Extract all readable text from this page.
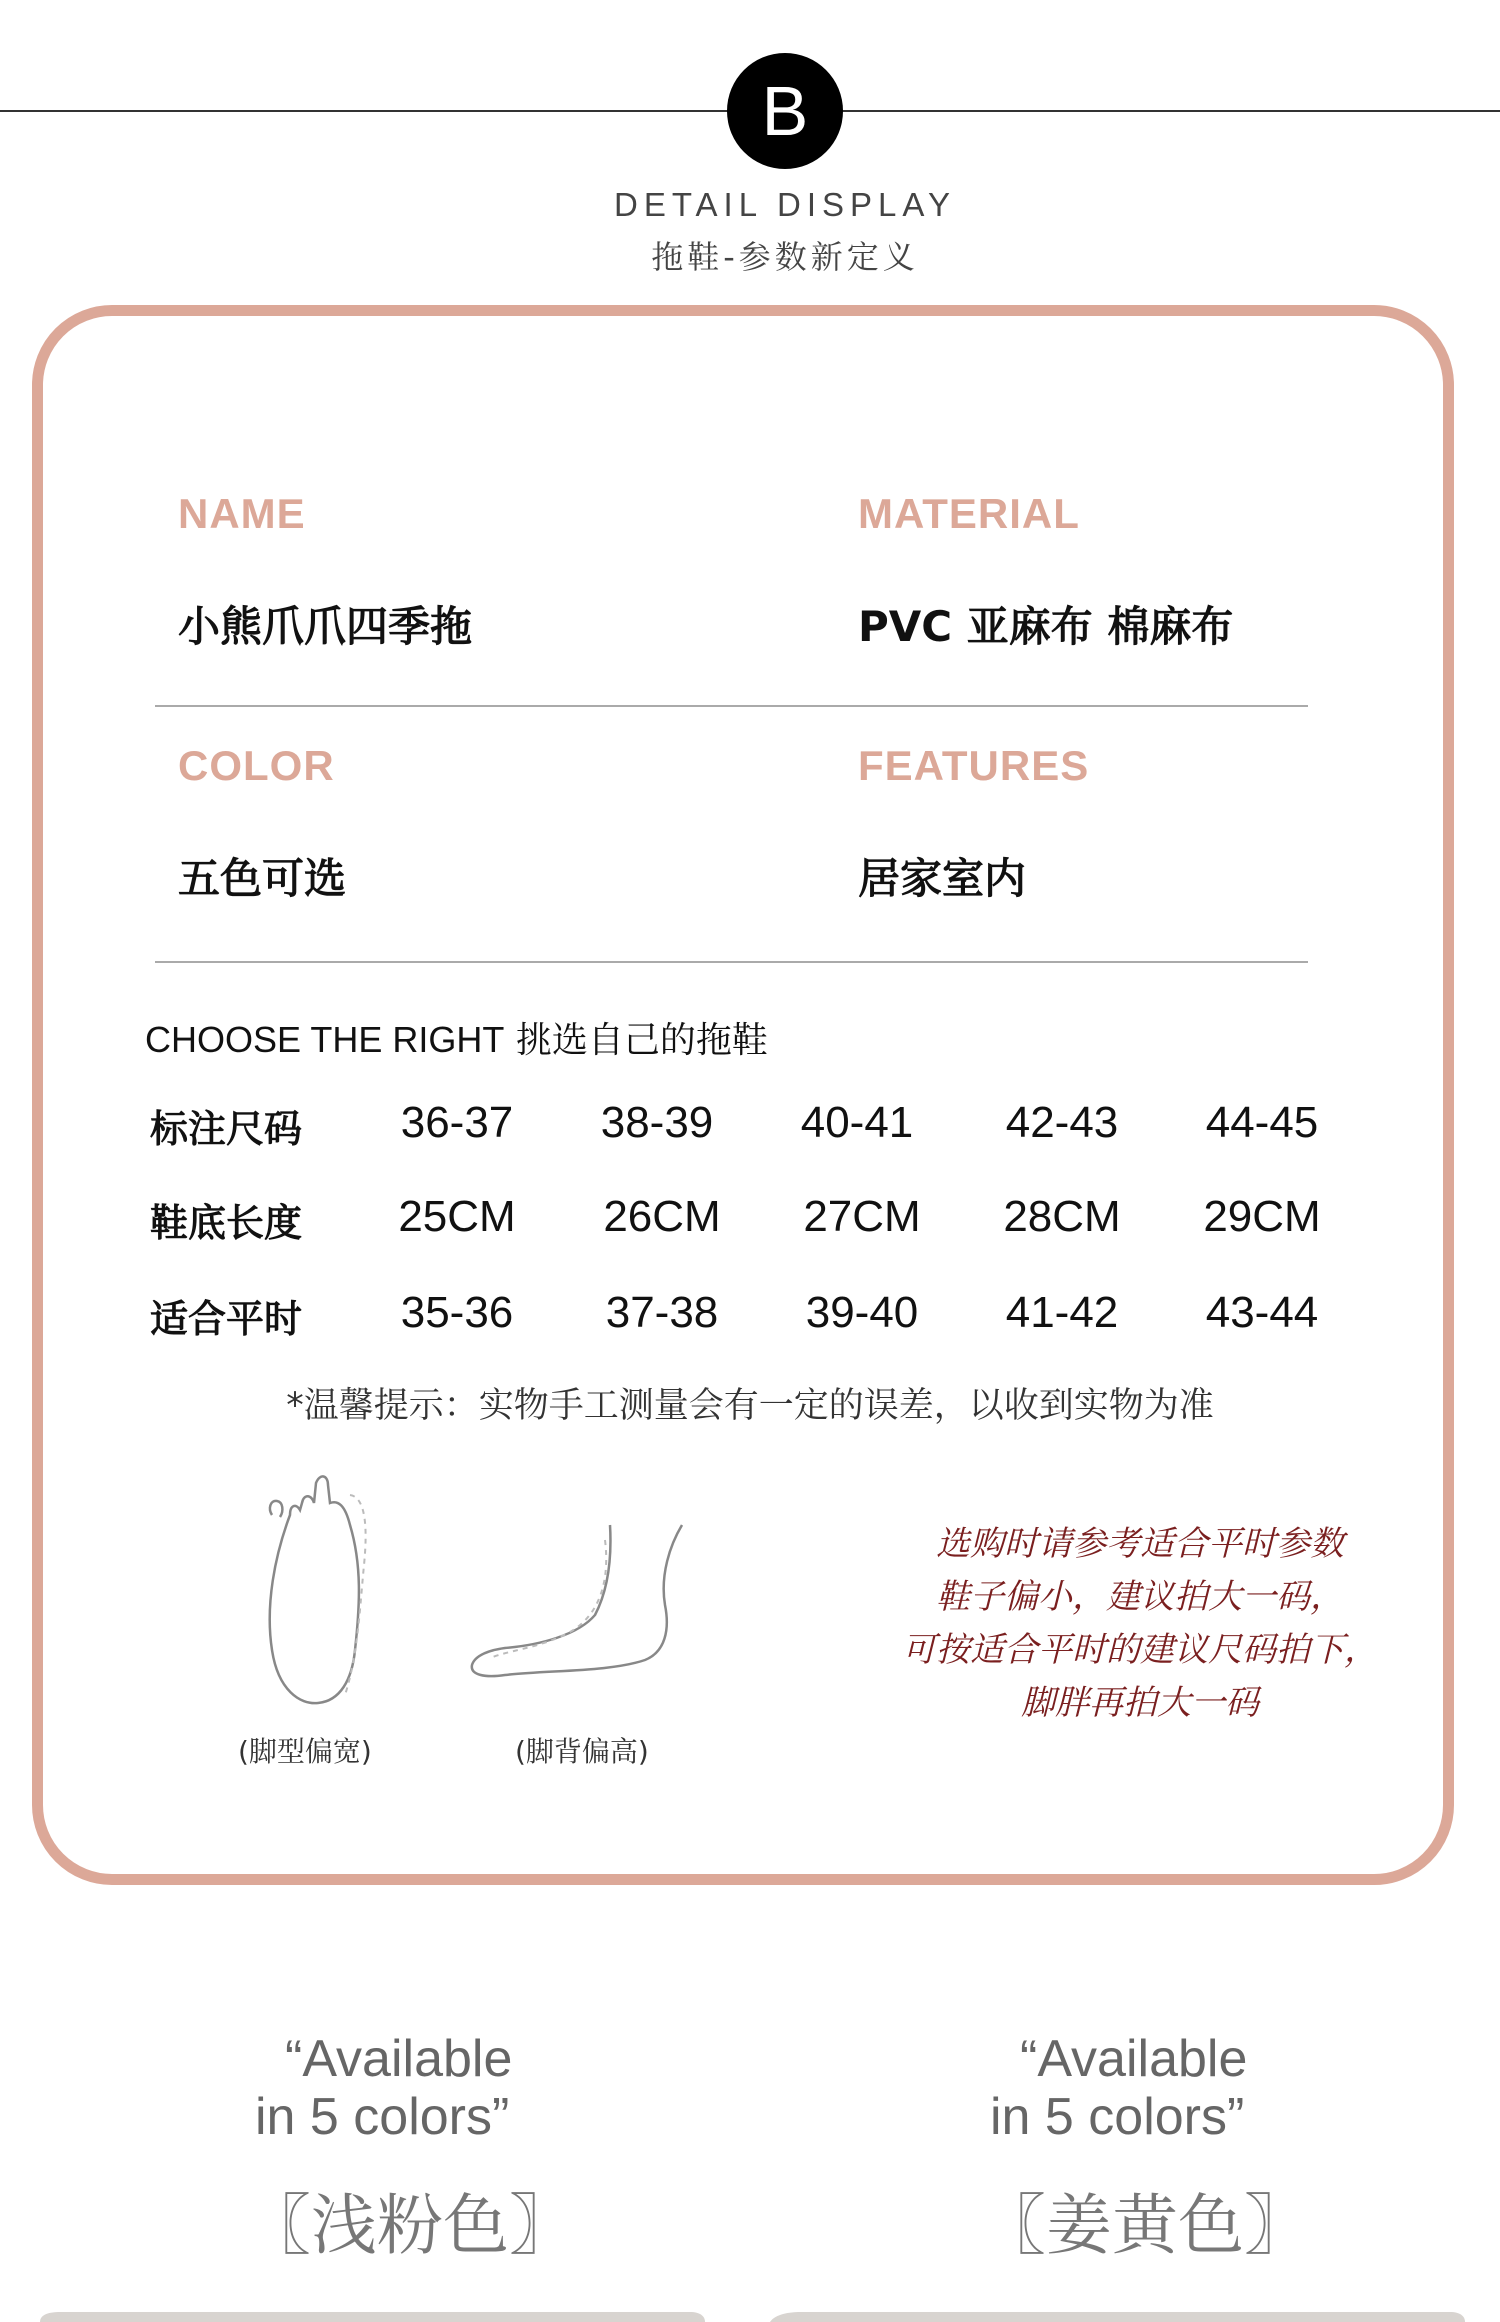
B
DETAIL DISPLAY
拖鞋-参数新定义
NAME
小熊爪爪四季拖
MATERIAL
PVC 亚麻布 棉麻布
COLOR
五色可选
FEATURES
居家室内
CHOOSE THE RIGHT 挑选自己的拖鞋
标注尺码	36-37	38-39	40-41	42-43	44-45
鞋底长度	25CM	26CM	27CM	28CM	29CM
适合平时	35-36	37-38	39-40	41-42	43-44
*温馨提示：实物手工测量会有一定的误差，以收到实物为准
(脚型偏宽)	(脚背偏高)
选购时请参考适合平时参数
鞋子偏小，建议拍大一码，
可按适合平时的建议尺码拍下，
脚胖再拍大一码
“Available
in 5 colors”
〖浅粉色〗
“Available
in 5 colors”
〖姜黄色〗
